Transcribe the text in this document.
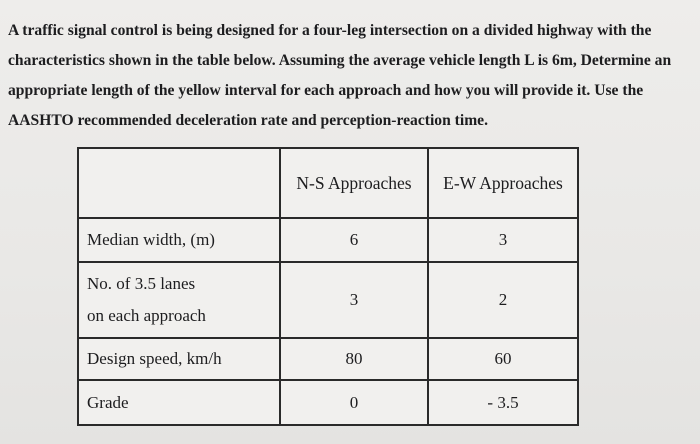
A traffic signal control is being designed for a four-leg intersection on a divided highway with the
characteristics shown in the table below. Assuming the average vehicle length L is 6m, Determine an
appropriate length of the yellow interval for each approach and how you will provide it. Use the
AASHTO recommended deceleration rate and perception-reaction time.
	N-S Approaches	E-W Approaches
Median width, (m)	6	3

No. of 3.5 lanes
on each approach	3	2
Design speed, km/h	80	60
Grade	0	- 3.5
